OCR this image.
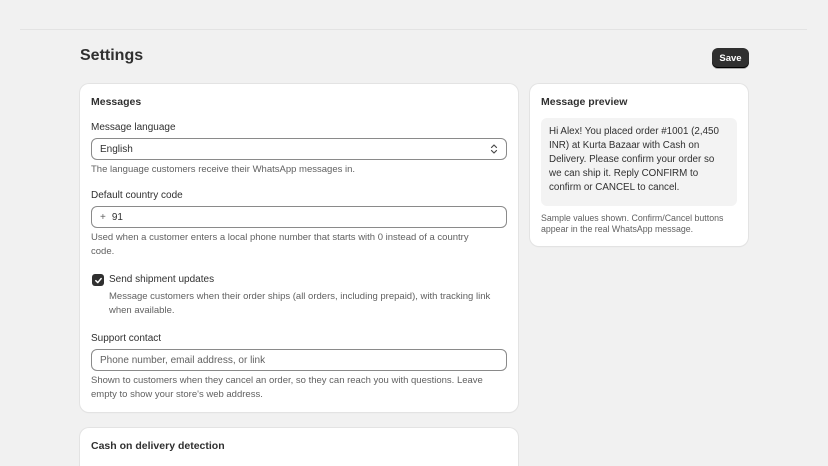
Settings	Save
Messages
Message language
English
The language customers receive their WhatsApp messages in.
Default country code
+
91
Used when a customer enters a local phone number that starts with 0 instead of a country
code.
Send shipment updates
Message customers when their order ships (all orders, including prepaid), with tracking link
when available.
Support contact
Phone number, email address, or link
Shown to customers when they cancel an order, so they can reach you with questions. Leave
empty to show your store's web address.
Message preview
Hi Alex! You placed order #1001 (2,450
INR) at Kurta Bazaar with Cash on
Delivery. Please confirm your order so
we can ship it. Reply CONFIRM to
confirm or CANCEL to cancel.
Sample values shown. Confirm/Cancel buttons
appear in the real WhatsApp message.
Cash on delivery detection
